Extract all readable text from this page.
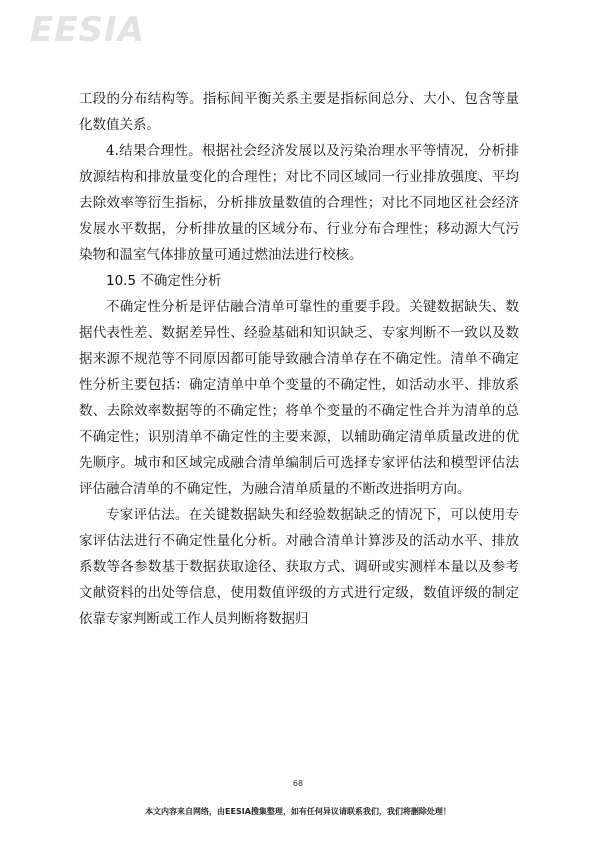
EESIA

工段的分布结构等。指标间平衡关系主要是指标间总分、大小、包含等量化数值关系。

4.结果合理性。根据社会经济发展以及污染治理水平等情况，分析排放源结构和排放量变化的合理性；对比不同区域同一行业排放强度、平均去除效率等衍生指标，分析排放量数值的合理性；对比不同地区社会经济发展水平数据，分析排放量的区域分布、行业分布合理性；移动源大气污染物和温室气体排放量可通过燃油法进行校核。

10.5 不确定性分析

不确定性分析是评估融合清单可靠性的重要手段。关键数据缺失、数据代表性差、数据差异性、经验基础和知识缺乏、专家判断不一致以及数据来源不规范等不同原因都可能导致融合清单存在不确定性。清单不确定性分析主要包括：确定清单中单个变量的不确定性，如活动水平、排放系数、去除效率数据等的不确定性；将单个变量的不确定性合并为清单的总不确定性；识别清单不确定性的主要来源，以辅助确定清单质量改进的优先顺序。城市和区域完成融合清单编制后可选择专家评估法和模型评估法评估融合清单的不确定性，为融合清单质量的不断改进指明方向。

专家评估法。在关键数据缺失和经验数据缺乏的情况下，可以使用专家评估法进行不确定性量化分析。对融合清单计算涉及的活动水平、排放系数等各参数基于数据获取途径、获取方式、调研或实测样本量以及参考文献资料的出处等信息，使用数值评级的方式进行定级，数值评级的制定依靠专家判断或工作人员判断将数据归

68
本文内容来自网络，由EESIA搜集整理，如有任何异议请联系我们，我们将删除处理！
